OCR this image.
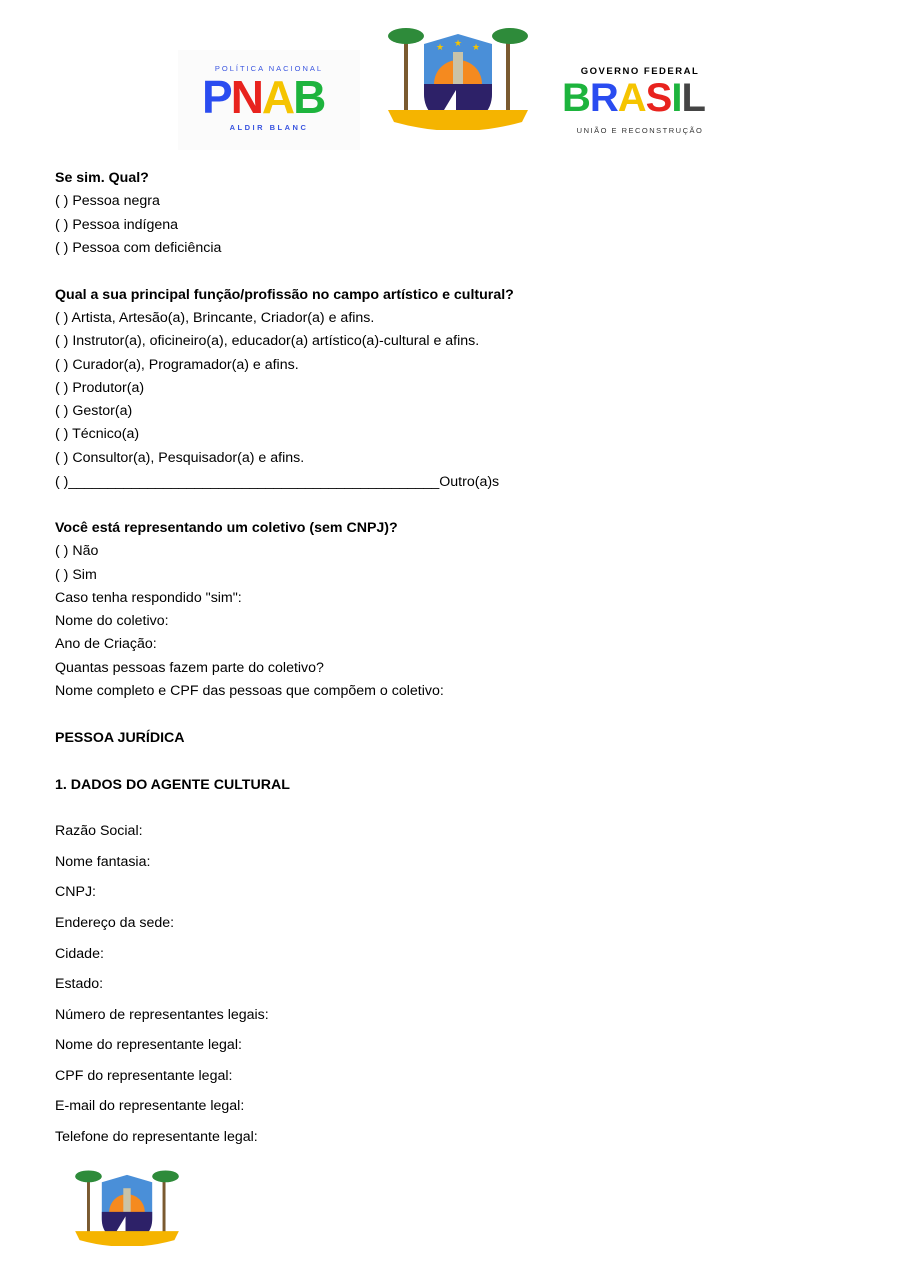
POLÍTICA NACIONAL
PNAB
ALDIR BLANC
★ ★ ★
GOVERNO FEDERAL
BRASIL
UNIÃO E RECONSTRUÇÃO
Se sim. Qual?
( ) Pessoa negra
( ) Pessoa indígena
( ) Pessoa com deficiência
Qual a sua principal função/profissão no campo artístico e cultural?
( ) Artista, Artesão(a), Brincante, Criador(a) e afins.
( ) Instrutor(a), oficineiro(a), educador(a) artístico(a)-cultural e afins.
( ) Curador(a), Programador(a) e afins.
( ) Produtor(a)
( ) Gestor(a)
( ) Técnico(a)
( ) Consultor(a), Pesquisador(a) e afins.
( )_______________________________________________Outro(a)s
Você está representando um coletivo (sem CNPJ)?
( ) Não
( ) Sim
Caso tenha respondido "sim":
Nome do coletivo:
Ano de Criação:
Quantas pessoas fazem parte do coletivo?
Nome completo e CPF das pessoas que compõem o coletivo:
PESSOA JURÍDICA
1. DADOS DO AGENTE CULTURAL
Razão Social:
Nome fantasia:
CNPJ:
Endereço da sede:
Cidade:
Estado:
Número de representantes legais:
Nome do representante legal:
CPF do representante legal:
E-mail do representante legal:
Telefone do representante legal:
